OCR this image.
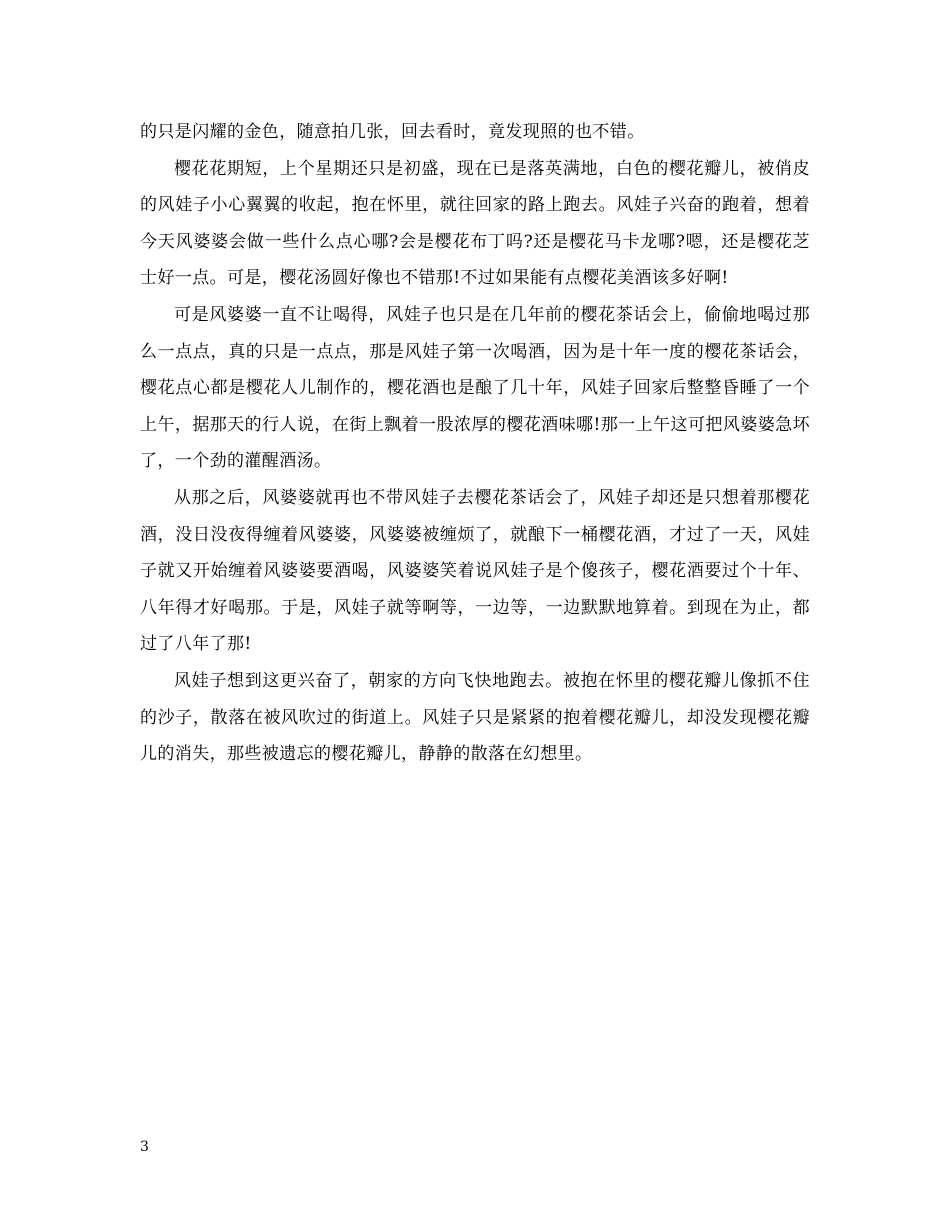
的只是闪耀的金色，随意拍几张，回去看时，竟发现照的也不错。

樱花花期短，上个星期还只是初盛，现在已是落英满地，白色的樱花瓣儿，被俏皮的风娃子小心翼翼的收起，抱在怀里，就往回家的路上跑去。风娃子兴奋的跑着，想着今天风婆婆会做一些什么点心哪?会是樱花布丁吗?还是樱花马卡龙哪?嗯，还是樱花芝士好一点。可是，樱花汤圆好像也不错那!不过如果能有点樱花美酒该多好啊!

可是风婆婆一直不让喝得，风娃子也只是在几年前的樱花茶话会上，偷偷地喝过那么一点点，真的只是一点点，那是风娃子第一次喝酒，因为是十年一度的樱花茶话会，樱花点心都是樱花人儿制作的，樱花酒也是酿了几十年，风娃子回家后整整昏睡了一个上午，据那天的行人说，在街上飘着一股浓厚的樱花酒味哪!那一上午这可把风婆婆急坏了，一个劲的灌醒酒汤。

从那之后，风婆婆就再也不带风娃子去樱花茶话会了，风娃子却还是只想着那樱花酒，没日没夜得缠着风婆婆，风婆婆被缠烦了，就酿下一桶樱花酒，才过了一天，风娃子就又开始缠着风婆婆要酒喝，风婆婆笑着说风娃子是个傻孩子，樱花酒要过个十年、八年得才好喝那。于是，风娃子就等啊等，一边等，一边默默地算着。到现在为止，都过了八年了那!

风娃子想到这更兴奋了，朝家的方向飞快地跑去。被抱在怀里的樱花瓣儿像抓不住的沙子，散落在被风吹过的街道上。风娃子只是紧紧的抱着樱花瓣儿，却没发现樱花瓣儿的消失，那些被遗忘的樱花瓣儿，静静的散落在幻想里。

3
